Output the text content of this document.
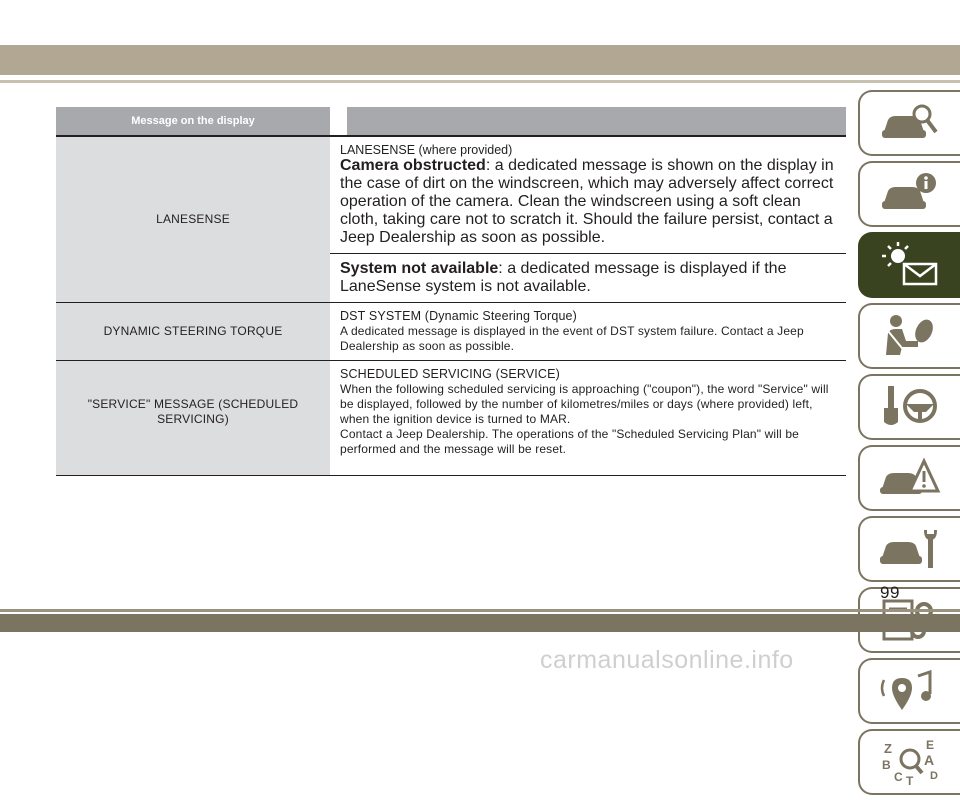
Message on the display
LANESENSE
LANESENSE (where provided)
Camera obstructed: a dedicated message is shown on the display in the case of dirt on the windscreen, which may adversely affect correct operation of the camera. Clean the windscreen using a soft clean cloth, taking care not to scratch it. Should the failure persist, contact a Jeep Dealership as soon as possible.
System not available: a dedicated message is displayed if the LaneSense system is not available.
DYNAMIC STEERING TORQUE
DST SYSTEM (Dynamic Steering Torque)
A dedicated message is displayed in the event of DST system failure. Contact a Jeep Dealership as soon as possible.
"SERVICE" MESSAGE (SCHEDULED SERVICING)
SCHEDULED SERVICING (SERVICE)
When the following scheduled servicing is approaching ("coupon"), the word "Service" will be displayed, followed by the number of kilometres/miles or days (where provided) left, when the ignition device is turned to MAR.
Contact a Jeep Dealership. The operations of the "Scheduled Servicing Plan" will be performed and the message will be reset.
Z	E
B A
C D
T
99
carmanualsonline.info
